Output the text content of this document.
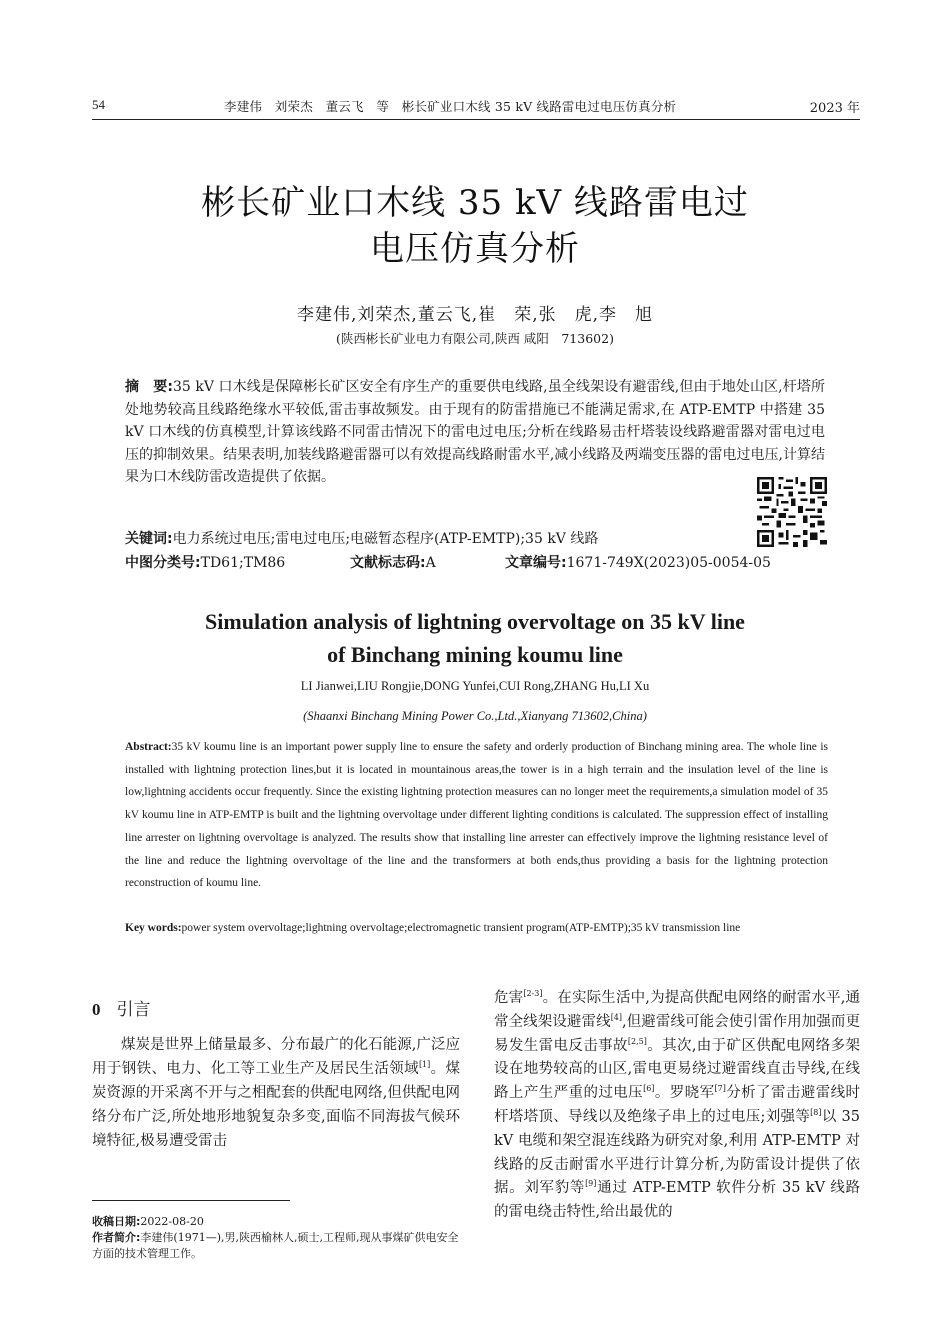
54	李建伟　刘荣杰　董云飞　等　彬长矿业口木线 35 kV 线路雷电过电压仿真分析	2023 年
彬长矿业口木线 35 kV 线路雷电过
电压仿真分析
李建伟,刘荣杰,董云飞,崔　荣,张　虎,李　旭
(陕西彬长矿业电力有限公司,陕西 咸阳　713602)
摘　要:35 kV 口木线是保障彬长矿区安全有序生产的重要供电线路,虽全线架设有避雷线,但由于地处山区,杆塔所处地势较高且线路绝缘水平较低,雷击事故频发。由于现有的防雷措施已不能满足需求,在 ATP-EMTP 中搭建 35 kV 口木线的仿真模型,计算该线路不同雷击情况下的雷电过电压;分析在线路易击杆塔装设线路避雷器对雷电过电压的抑制效果。结果表明,加装线路避雷器可以有效提高线路耐雷水平,减小线路及两端变压器的雷电过电压,计算结果为口木线防雷改造提供了依据。
关键词:电力系统过电压;雷电过电压;电磁暂态程序(ATP-EMTP);35 kV 线路
中图分类号:TD61;TM86	文献标志码:A	文章编号:1671-749X(2023)05-0054-05
Simulation analysis of lightning overvoltage on 35 kV line
of Binchang mining koumu line
LI Jianwei,LIU Rongjie,DONG Yunfei,CUI Rong,ZHANG Hu,LI Xu
(Shaanxi Binchang Mining Power Co.,Ltd.,Xianyang 713602,China)
Abstract:35 kV koumu line is an important power supply line to ensure the safety and orderly production of Binchang mining area. The whole line is installed with lightning protection lines,but it is located in mountainous areas,the tower is in a high terrain and the insulation level of the line is low,lightning accidents occur frequently. Since the existing lightning protection measures can no longer meet the requirements,a simulation model of 35 kV koumu line in ATP-EMTP is built and the lightning overvoltage under different lighting conditions is calculated. The suppression effect of installing line arrester on lightning overvoltage is analyzed. The results show that installing line arrester can effectively improve the lightning resistance level of the line and reduce the lightning overvoltage of the line and the transformers at both ends,thus providing a basis for the lightning protection reconstruction of koumu line.
Key words:power system overvoltage;lightning overvoltage;electromagnetic transient program(ATP-EMTP);35 kV transmission line
0 引言

煤炭是世界上储量最多、分布最广的化石能源,广泛应用于钢铁、电力、化工等工业生产及居民生活领域[1]。煤炭资源的开采离不开与之相配套的供配电网络,但供配电网络分布广泛,所处地形地貌复杂多变,面临不同海拔气候环境特征,极易遭受雷击

收稿日期:2022-08-20
作者简介:李建伟(1971—),男,陕西榆林人,硕士,工程师,现从事煤矿供电安全方面的技术管理工作。

危害[2-3]。在实际生活中,为提高供配电网络的耐雷水平,通常全线架设避雷线[4],但避雷线可能会使引雷作用加强而更易发生雷电反击事故[2,5]。其次,由于矿区供配电网络多架设在地势较高的山区,雷电更易绕过避雷线直击导线,在线路上产生严重的过电压[6]。罗晓军[7]分析了雷击避雷线时杆塔塔顶、导线以及绝缘子串上的过电压;刘强等[8]以 35 kV 电缆和架空混连线路为研究对象,利用 ATP-EMTP 对线路的反击耐雷水平进行计算分析,为防雷设计提供了依据。刘军豹等[9]通过 ATP-EMTP 软件分析 35 kV 线路的雷电绕击特性,给出最优的
